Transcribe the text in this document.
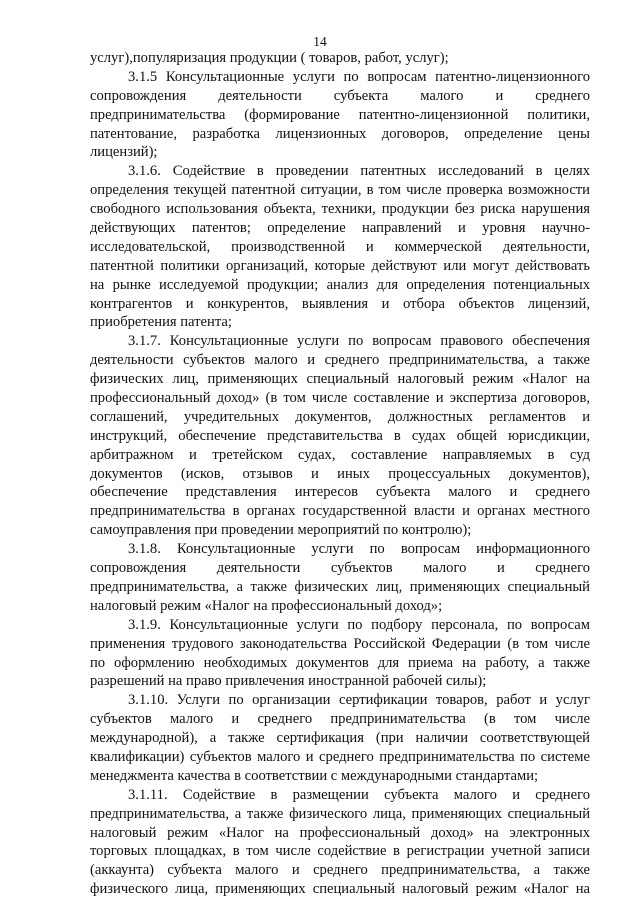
14
услуг),популяризация продукции ( товаров, работ, услуг);
3.1.5 Консультационные услуги по вопросам патентно-лицензионного
сопровождения деятельности субъекта малого и среднего
предпринимательства (формирование патентно-лицензионной политики,
патентование, разработка лицензионных договоров, определение цены
лицензий);
3.1.6. Содействие в проведении патентных исследований в целях
определения текущей патентной ситуации, в том числе проверка возможности
свободного использования объекта, техники, продукции без риска нарушения
действующих патентов; определение направлений и уровня научно-
исследовательской, производственной и коммерческой деятельности,
патентной политики организаций, которые действуют или могут действовать
на рынке исследуемой продукции; анализ для определения потенциальных
контрагентов и конкурентов, выявления и отбора объектов лицензий,
приобретения патента;
3.1.7. Консультационные услуги по вопросам правового обеспечения
деятельности субъектов малого и среднего предпринимательства, а также
физических лиц, применяющих специальный налоговый режим «Налог на
профессиональный доход» (в том числе составление и экспертиза договоров,
соглашений, учредительных документов, должностных регламентов и
инструкций, обеспечение представительства в судах общей юрисдикции,
арбитражном и третейском судах, составление направляемых в суд
документов (исков, отзывов и иных процессуальных документов),
обеспечение представления интересов субъекта малого и среднего
предпринимательства в органах государственной власти и органах местного
самоуправления при проведении мероприятий по контролю);
3.1.8. Консультационные услуги по вопросам информационного
сопровождения деятельности субъектов малого и среднего
предпринимательства, а также физических лиц, применяющих специальный
налоговый режим «Налог на профессиональный доход»;
3.1.9. Консультационные услуги по подбору персонала, по вопросам
применения трудового законодательства Российской Федерации (в том числе
по оформлению необходимых документов для приема на работу, а также
разрешений на право привлечения иностранной рабочей силы);
3.1.10. Услуги по организации сертификации товаров, работ и услуг
субъектов малого и среднего предпринимательства (в том числе
международной), а также сертификация (при наличии соответствующей
квалификации) субъектов малого и среднего предпринимательства по системе
менеджмента качества в соответствии с международными стандартами;
3.1.11. Содействие в размещении субъекта малого и среднего
предпринимательства, а также физического лица, применяющих специальный
налоговый режим «Налог на профессиональный доход» на электронных
торговых площадках, в том числе содействие в регистрации учетной записи
(аккаунта) субъекта малого и среднего предпринимательства, а также
физического лица, применяющих специальный налоговый режим «Налог на
